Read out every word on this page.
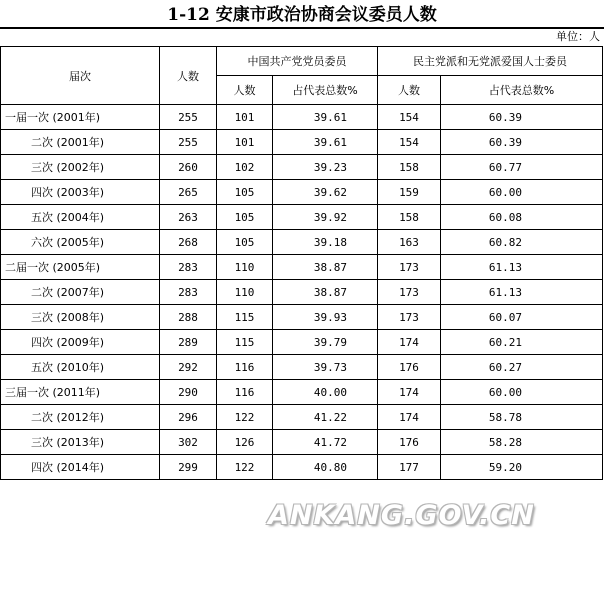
1-12 安康市政治协商会议委员人数
单位：人
届次	人数	中国共产党党员委员		民主党派和无党派爱国人士委员	
		人数	占代表总数%	人数	占代表总数%
一届一次 (2001年)	255	101	39.61	154	60.39
二次 (2001年)	255	101	39.61	154	60.39
三次 (2002年)	260	102	39.23	158	60.77
四次 (2003年)	265	105	39.62	159	60.00
五次 (2004年)	263	105	39.92	158	60.08
六次 (2005年)	268	105	39.18	163	60.82
二届一次 (2005年)	283	110	38.87	173	61.13
二次 (2007年)	283	110	38.87	173	61.13
三次 (2008年)	288	115	39.93	173	60.07
四次 (2009年)	289	115	39.79	174	60.21
五次 (2010年)	292	116	39.73	176	60.27
三届一次 (2011年)	290	116	40.00	174	60.00
二次 (2012年)	296	122	41.22	174	58.78
三次 (2013年)	302	126	41.72	176	58.28
四次 (2014年)	299	122	40.80	177	59.20
ANKANG.GOV.CN
